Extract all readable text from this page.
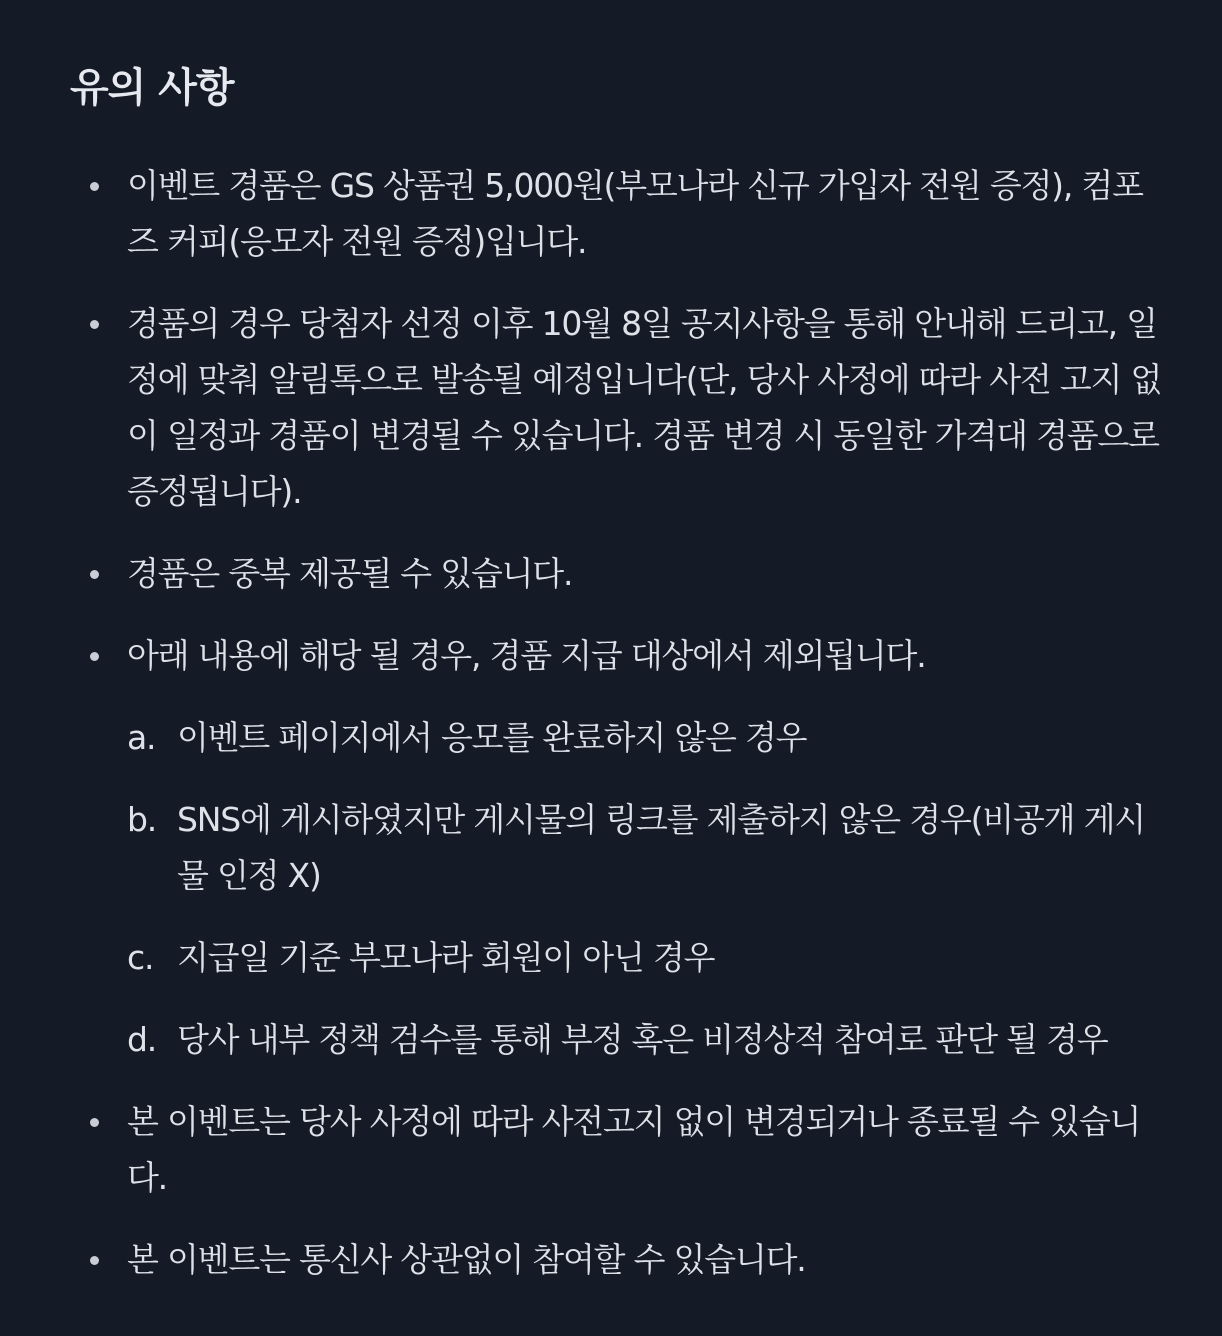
유의 사항
이벤트 경품은 GS 상품권 5,000원(부모나라 신규 가입자 전원 증정), 컴포즈 커피(응모자 전원 증정)입니다.
경품의 경우 당첨자 선정 이후 10월 8일 공지사항을 통해 안내해 드리고, 일정에 맞춰 알림톡으로 발송될 예정입니다(단, 당사 사정에 따라 사전 고지 없이 일정과 경품이 변경될 수 있습니다. 경품 변경 시 동일한 가격대 경품으로 증정됩니다).
경품은 중복 제공될 수 있습니다.
아래 내용에 해당 될 경우, 경품 지급 대상에서 제외됩니다.
a. 이벤트 페이지에서 응모를 완료하지 않은 경우
b. SNS에 게시하였지만 게시물의 링크를 제출하지 않은 경우(비공개 게시물 인정 X)
c. 지급일 기준 부모나라 회원이 아닌 경우
d. 당사 내부 정책 검수를 통해 부정 혹은 비정상적 참여로 판단 될 경우
본 이벤트는 당사 사정에 따라 사전고지 없이 변경되거나 종료될 수 있습니다.
본 이벤트는 통신사 상관없이 참여할 수 있습니다.
